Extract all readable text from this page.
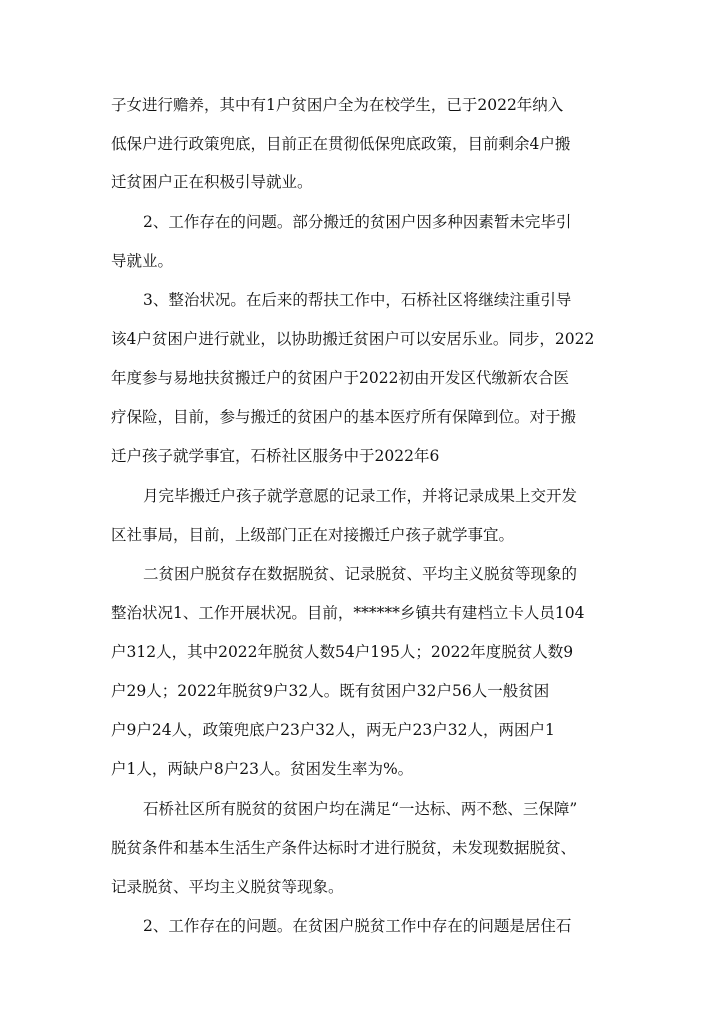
子女进行赡养，其中有1户贫困户全为在校学生，已于2022年纳入
低保户进行政策兜底，目前正在贯彻低保兜底政策，目前剩余4户搬
迁贫困户正在积极引导就业。
2、工作存在的问题。部分搬迁的贫困户因多种因素暂未完毕引
导就业。
3、整治状况。在后来的帮扶工作中，石桥社区将继续注重引导
该4户贫困户进行就业，以协助搬迁贫困户可以安居乐业。同步，2022
年度参与易地扶贫搬迁户的贫困户于2022初由开发区代缴新农合医
疗保险，目前，参与搬迁的贫困户的基本医疗所有保障到位。对于搬
迁户孩子就学事宜，石桥社区服务中于2022年6
月完毕搬迁户孩子就学意愿的记录工作，并将记录成果上交开发
区社事局，目前，上级部门正在对接搬迁户孩子就学事宜。
二贫困户脱贫存在数据脱贫、记录脱贫、平均主义脱贫等现象的
整治状况1、工作开展状况。目前，******乡镇共有建档立卡人员104
户312人，其中2022年脱贫人数54户195人；2022年度脱贫人数9
户29人；2022年脱贫9户32人。既有贫困户32户56人一般贫困
户9户24人，政策兜底户23户32人，两无户23户32人，两困户1
户1人，两缺户8户23人。贫困发生率为%。
石桥社区所有脱贫的贫困户均在满足“一达标、两不愁、三保障”
脱贫条件和基本生活生产条件达标时才进行脱贫，未发现数据脱贫、
记录脱贫、平均主义脱贫等现象。
2、工作存在的问题。在贫困户脱贫工作中存在的问题是居住石
